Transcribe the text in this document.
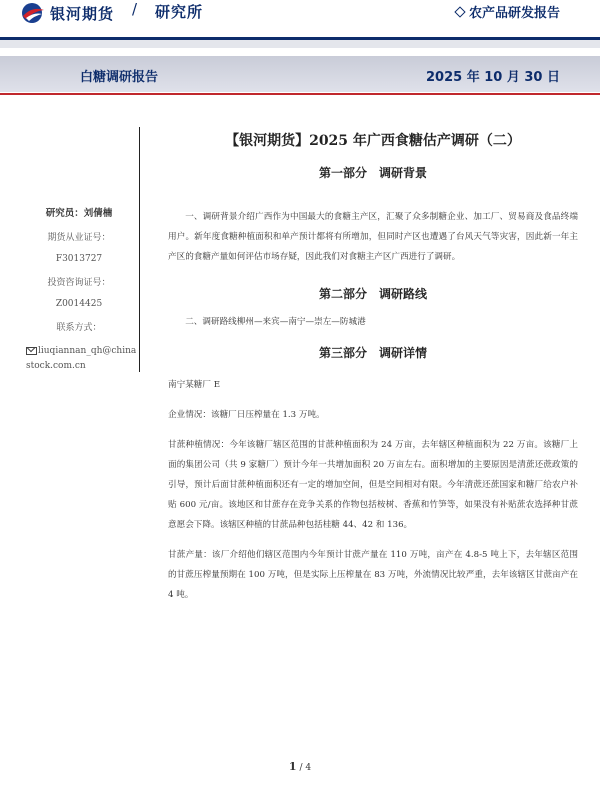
银河期货 / 研究所	农产品研发报告
白糖调研报告	2025 年 10 月 30 日
研究员：刘倩楠
期货从业证号：
F3013727
投资咨询证号：
Z0014425
联系方式：
liuqiannan_qh@chinastock.com.cn
【银河期货】2025 年广西食糖估产调研（二）
第一部分　调研背景

一、调研背景介绍广西作为中国最大的食糖主产区，汇聚了众多制糖企业、加工厂、贸易商及食品终端用户。新年度食糖种植面积和单产预计都将有所增加，但同时产区也遭遇了台风天气等灾害，因此新一年主产区的食糖产量如何评估市场存疑，因此我们对食糖主产区广西进行了调研。

第二部分　调研路线

二、调研路线柳州—来宾—南宁—崇左—防城港

第三部分　调研详情

南宁某糖厂 E

企业情况：该糖厂日压榨量在 1.3 万吨。

甘蔗种植情况：今年该糖厂辖区范围的甘蔗种植面积为 24 万亩，去年辖区种植面积为 22 万亩。该糖厂上面的集团公司（共 9 家糖厂）预计今年一共增加面积 20 万亩左右。面积增加的主要原因是清蔗还蔗政策的引导，预计后面甘蔗种植面积还有一定的增加空间，但是空间相对有限。今年清蔗还蔗国家和糖厂给农户补贴 600 元/亩。该地区和甘蔗存在竞争关系的作物包括桉树、香蕉和竹笋等，如果没有补贴蔗农选择种甘蔗意愿会下降。该辖区种植的甘蔗品种包括桂糖 44、42 和 136。

甘蔗产量：该厂介绍他们辖区范围内今年预计甘蔗产量在 110 万吨，亩产在 4.8-5 吨上下，去年辖区范围的甘蔗压榨量预期在 100 万吨，但是实际上压榨量在 83 万吨，外流情况比较严重，去年该辖区甘蔗亩产在 4 吨。

1 / 4
